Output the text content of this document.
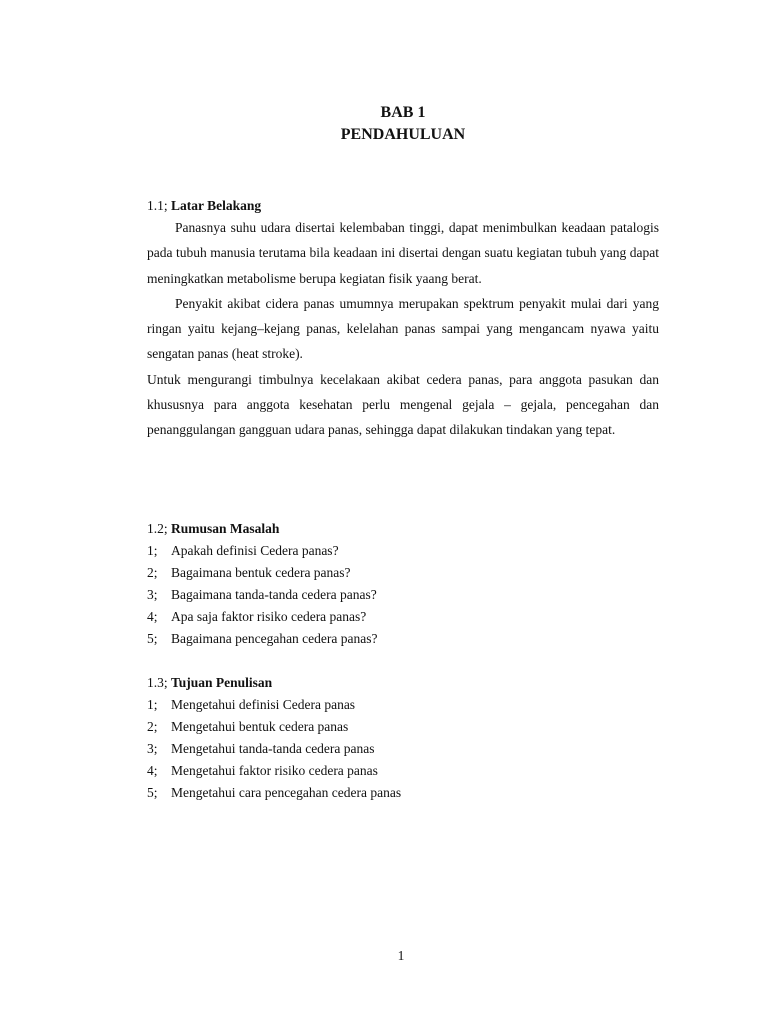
BAB 1
PENDAHULUAN
1.1; Latar Belakang

Panasnya suhu udara disertai kelembaban tinggi, dapat menimbulkan keadaan patalogis pada tubuh manusia terutama bila keadaan ini disertai dengan suatu kegiatan tubuh yang dapat meningkatkan metabolisme berupa kegiatan fisik yaang berat.

Penyakit akibat cidera panas umumnya merupakan spektrum penyakit mulai dari yang ringan yaitu kejang–kejang panas, kelelahan panas sampai yang mengancam nyawa yaitu sengatan panas (heat stroke).

Untuk mengurangi timbulnya kecelakaan akibat cedera panas, para anggota pasukan dan khususnya para anggota kesehatan perlu mengenal gejala – gejala, pencegahan dan penanggulangan gangguan udara panas, sehingga dapat dilakukan tindakan yang tepat.

1.2; Rumusan Masalah
1; Apakah definisi Cedera panas?
2; Bagaimana bentuk cedera panas?
3; Bagaimana tanda-tanda cedera panas?
4; Apa saja faktor risiko cedera panas?
5; Bagaimana pencegahan cedera panas?
1.3; Tujuan Penulisan
1; Mengetahui definisi Cedera panas
2; Mengetahui bentuk cedera panas
3; Mengetahui tanda-tanda cedera panas
4; Mengetahui faktor risiko cedera panas
5; Mengetahui cara pencegahan cedera panas
1
